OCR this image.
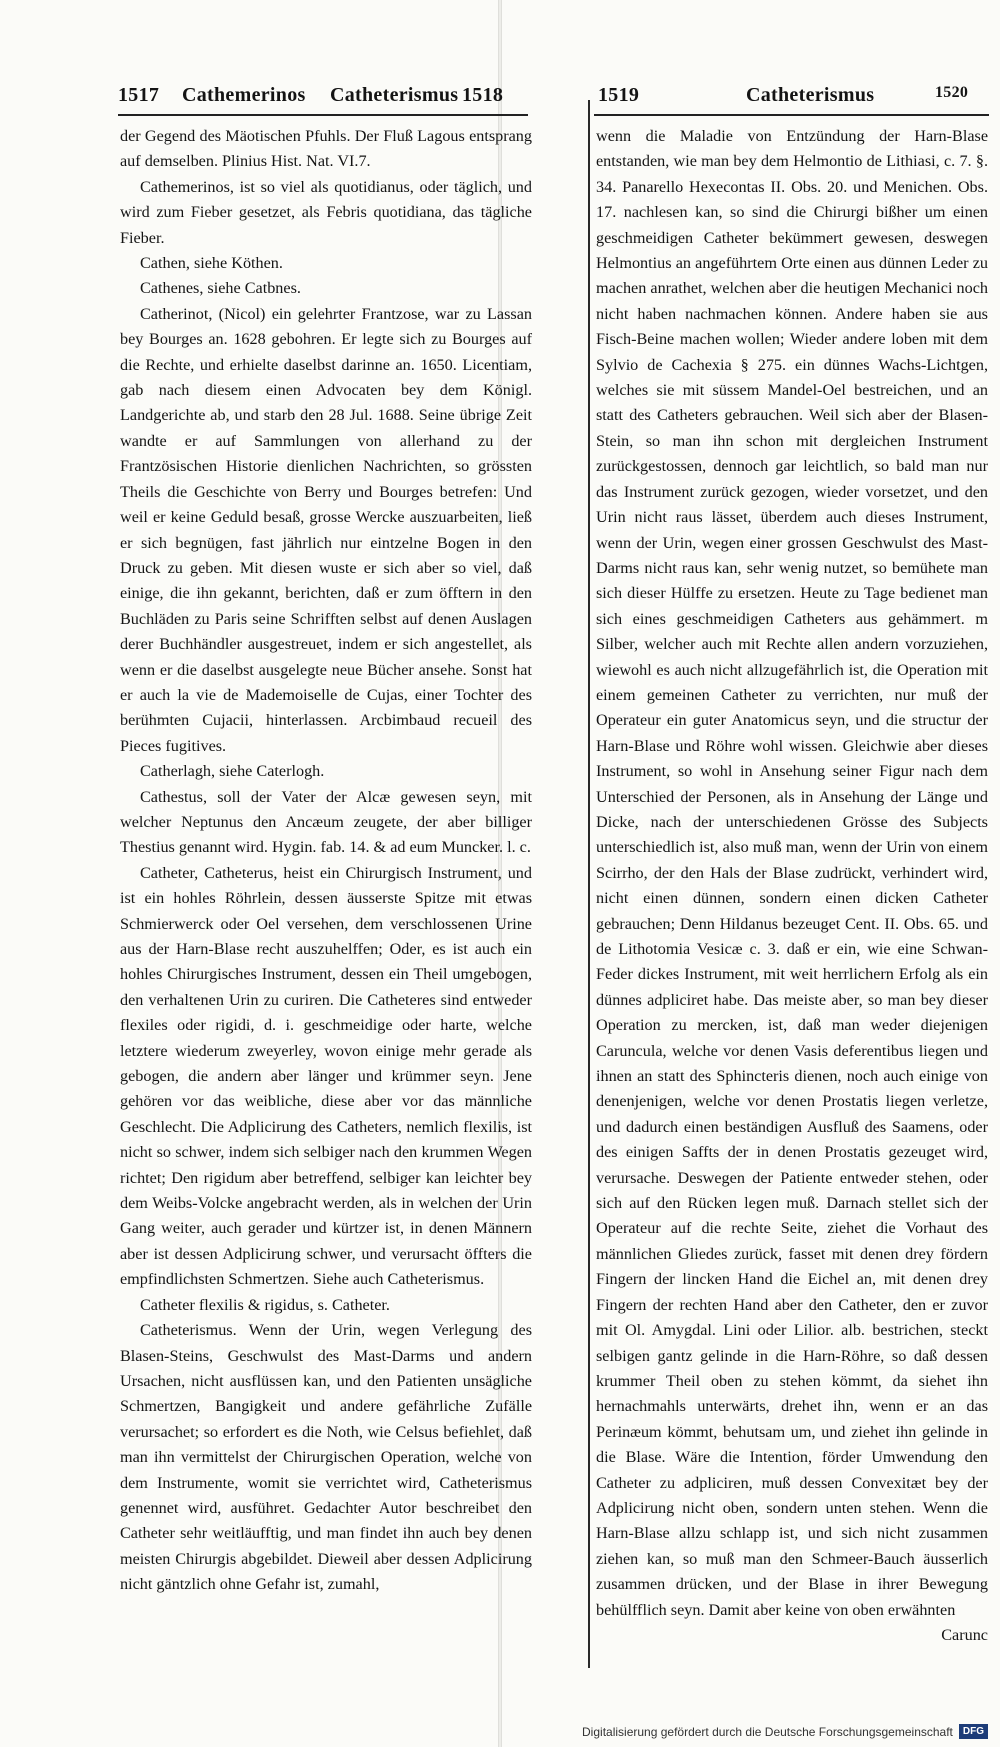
1517 Cathemerinos Catheterismus 1518	1519	Catheterismus	1520

der Gegend des Mäotischen Pfuhls. Der Fluß Lagous entsprang auf demselben. Plinius Hist. Nat. VI.7.

Cathemerinos, ist so viel als quotidianus, oder täglich, und wird zum Fieber gesetzet, als Febris quotidiana, das tägliche Fieber.

Cathen, siehe Köthen.

Cathenes, siehe Catbnes.

Catherinot, (Nicol) ein gelehrter Frantzose, war zu Lassan bey Bourges an. 1628 gebohren. Er legte sich zu Bourges auf die Rechte, und erhielte daselbst darinne an. 1650. Licentiam, gab nach diesem einen Advocaten bey dem Königl. Landgerichte ab, und starb den 28 Jul. 1688. Seine übrige Zeit wandte er auf Sammlungen von allerhand zu der Frantzösischen Historie dienlichen Nachrichten, so grössten Theils die Geschichte von Berry und Bourges betrefen: Und weil er keine Geduld besaß, grosse Wercke auszuarbeiten, ließ er sich begnügen, fast jährlich nur eintzelne Bogen in den Druck zu geben. Mit diesen wuste er sich aber so viel, daß einige, die ihn gekannt, berichten, daß er zum öfftern in den Buchläden zu Paris seine Schrifften selbst auf denen Auslagen derer Buchhändler ausgestreuet, indem er sich angestellet, als wenn er die daselbst ausgelegte neue Bücher ansehe. Sonst hat er auch la vie de Mademoiselle de Cujas, einer Tochter des berühmten Cujacii, hinterlassen. Arcbimbaud recueil des Pieces fugitives.

Catherlagh, siehe Caterlogh.

Cathestus, soll der Vater der Alcæ gewesen seyn, mit welcher Neptunus den Ancæum zeugete, der aber billiger Thestius genannt wird. Hygin. fab. 14. & ad eum Muncker. l. c.

Catheter, Catheterus, heist ein Chirurgisch Instrument, und ist ein hohles Röhrlein, dessen äusserste Spitze mit etwas Schmierwerck oder Oel versehen, dem verschlossenen Urine aus der Harn-Blase recht auszuhelffen; Oder, es ist auch ein hohles Chirurgisches Instrument, dessen ein Theil umgebogen, den verhaltenen Urin zu curiren. Die Catheteres sind entweder flexiles oder rigidi, d. i. geschmeidige oder harte, welche letztere wiederum zweyerley, wovon einige mehr gerade als gebogen, die andern aber länger und krümmer seyn. Jene gehören vor das weibliche, diese aber vor das männliche Geschlecht. Die Adplicirung des Catheters, nemlich flexilis, ist nicht so schwer, indem sich selbiger nach den krummen Wegen richtet; Den rigidum aber betreffend, selbiger kan leichter bey dem Weibs-Volcke angebracht werden, als in welchen der Urin Gang weiter, auch gerader und kürtzer ist, in denen Männern aber ist dessen Adplicirung schwer, und verursacht öffters die empfindlichsten Schmertzen. Siehe auch Catheterismus.

Catheter flexilis & rigidus, s. Catheter.

Catheterismus. Wenn der Urin, wegen Verlegung des Blasen-Steins, Geschwulst des Mast-Darms und andern Ursachen, nicht ausflüssen kan, und den Patienten unsägliche Schmertzen, Bangigkeit und andere gefährliche Zufälle verursachet; so erfordert es die Noth, wie Celsus befiehlet, daß man ihn vermittelst der Chirurgischen Operation, welche von dem Instrumente, womit sie verrichtet wird, Catheterismus genennet wird, ausführet. Gedachter Autor beschreibet den Catheter sehr weitläufftig, und man findet ihn auch bey denen meisten Chirurgis abgebildet. Dieweil aber dessen Adplicirung nicht gäntzlich ohne Gefahr ist, zumahl,

wenn die Maladie von Entzündung der Harn-Blase entstanden, wie man bey dem Helmontio de Lithiasi, c. 7. §. 34. Panarello Hexecontas II. Obs. 20. und Menichen. Obs. 17. nachlesen kan, so sind die Chirurgi bißher um einen geschmeidigen Catheter bekümmert gewesen, deswegen Helmontius an angeführtem Orte einen aus dünnen Leder zu machen anrathet, welchen aber die heutigen Mechanici noch nicht haben nachmachen können. Andere haben sie aus Fisch-Beine machen wollen; Wieder andere loben mit dem Sylvio de Cachexia § 275. ein dünnes Wachs-Lichtgen, welches sie mit süssem Mandel-Oel bestreichen, und an statt des Catheters gebrauchen. Weil sich aber der Blasen-Stein, so man ihn schon mit dergleichen Instrument zurückgestossen, dennoch gar leichtlich, so bald man nur das Instrument zurück gezogen, wieder vorsetzet, und den Urin nicht raus lässet, überdem auch dieses Instrument, wenn der Urin, wegen einer grossen Geschwulst des Mast-Darms nicht raus kan, sehr wenig nutzet, so bemühete man sich dieser Hülffe zu ersetzen. Heute zu Tage bedienet man sich eines geschmeidigen Catheters aus gehämmert. m Silber, welcher auch mit Rechte allen andern vorzuziehen, wiewohl es auch nicht allzugefährlich ist, die Operation mit einem gemeinen Catheter zu verrichten, nur muß der Operateur ein guter Anatomicus seyn, und die structur der Harn-Blase und Röhre wohl wissen. Gleichwie aber dieses Instrument, so wohl in Ansehung seiner Figur nach dem Unterschied der Personen, als in Ansehung der Länge und Dicke, nach der unterschiedenen Grösse des Subjects unterschiedlich ist, also muß man, wenn der Urin von einem Scirrho, der den Hals der Blase zudrückt, verhindert wird, nicht einen dünnen, sondern einen dicken Catheter gebrauchen; Denn Hildanus bezeuget Cent. II. Obs. 65. und de Lithotomia Vesicæ c. 3. daß er ein, wie eine Schwan-Feder dickes Instrument, mit weit herrlichern Erfolg als ein dünnes adpliciret habe. Das meiste aber, so man bey dieser Operation zu mercken, ist, daß man weder diejenigen Caruncula, welche vor denen Vasis deferentibus liegen und ihnen an statt des Sphincteris dienen, noch auch einige von denenjenigen, welche vor denen Prostatis liegen verletze, und dadurch einen beständigen Ausfluß des Saamens, oder des einigen Saffts der in denen Prostatis gezeuget wird, verursache. Deswegen der Patiente entweder stehen, oder sich auf den Rücken legen muß. Darnach stellet sich der Operateur auf die rechte Seite, ziehet die Vorhaut des männlichen Gliedes zurück, fasset mit denen drey fördern Fingern der lincken Hand die Eichel an, mit denen drey Fingern der rechten Hand aber den Catheter, den er zuvor mit Ol. Amygdal. Lini oder Lilior. alb. bestrichen, steckt selbigen gantz gelinde in die Harn-Röhre, so daß dessen krummer Theil oben zu stehen kömmt, da siehet ihn hernachmahls unterwärts, drehet ihn, wenn er an das Perinæum kömmt, behutsam um, und ziehet ihn gelinde in die Blase. Wäre die Intention, förder Umwendung den Catheter zu adpliciren, muß dessen Convexitæt bey der Adplicirung nicht oben, sondern unten stehen. Wenn die Harn-Blase allzu schlapp ist, und sich nicht zusammen ziehen kan, so muß man den Schmeer-Bauch äusserlich zusammen drücken, und der Blase in ihrer Bewegung behülfflich seyn. Damit aber keine von oben erwähnten

Carunc

Digitalisierung gefördert durch die Deutsche Forschungsgemeinschaft	DFG
